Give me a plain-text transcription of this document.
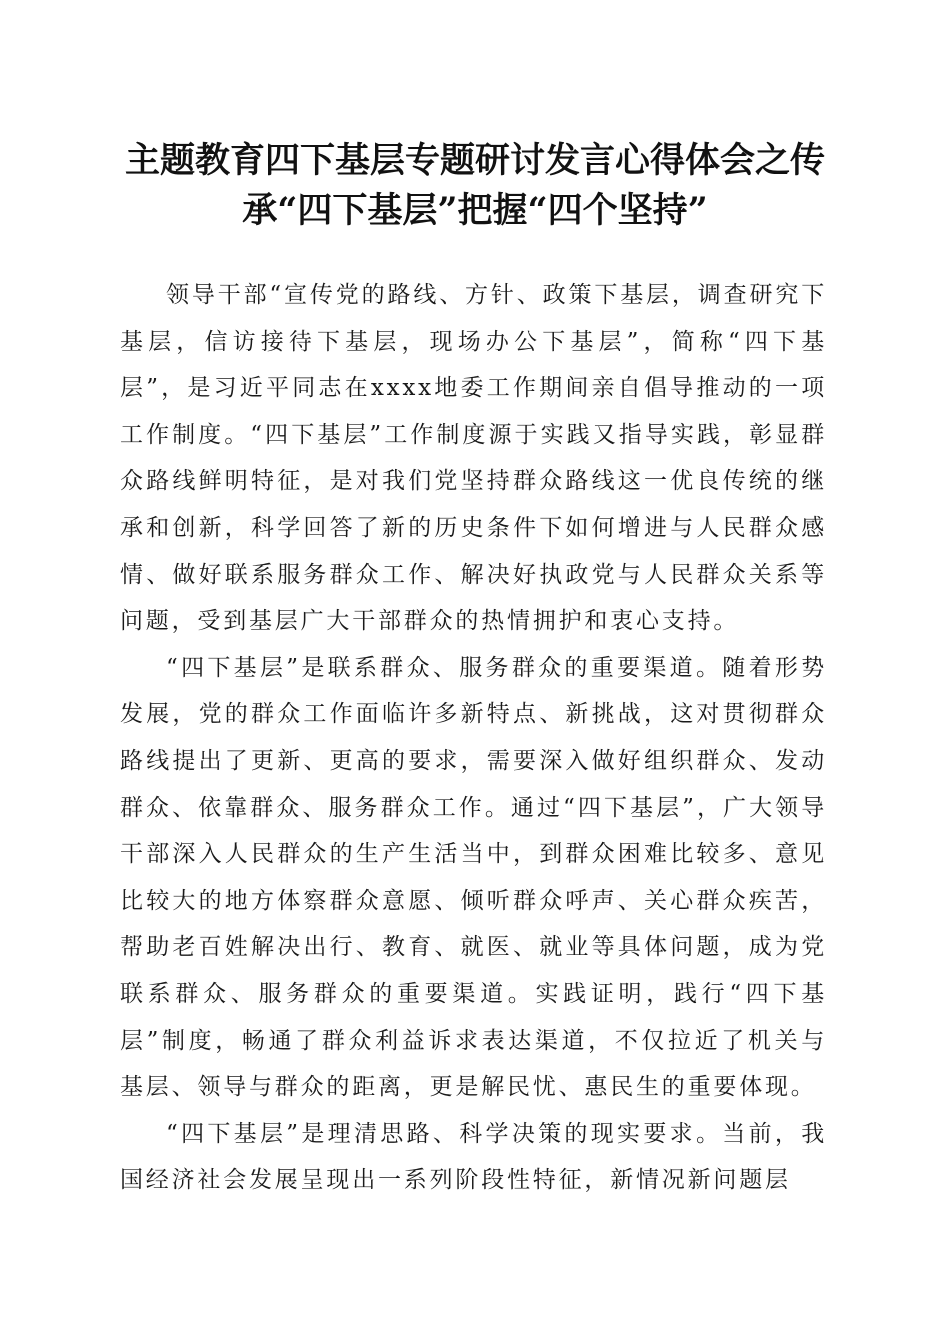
主题教育四下基层专题研讨发言心得体会之传承“四下基层”把握“四个坚持”

领导干部“宣传党的路线、方针、政策下基层，调查研究下基层，信访接待下基层，现场办公下基层”，简称“四下基层”，是习近平同志在xxxx地委工作期间亲自倡导推动的一项工作制度。“四下基层”工作制度源于实践又指导实践，彰显群众路线鲜明特征，是对我们党坚持群众路线这一优良传统的继承和创新，科学回答了新的历史条件下如何增进与人民群众感情、做好联系服务群众工作、解决好执政党与人民群众关系等问题，受到基层广大干部群众的热情拥护和衷心支持。

“四下基层”是联系群众、服务群众的重要渠道。随着形势发展，党的群众工作面临许多新特点、新挑战，这对贯彻群众路线提出了更新、更高的要求，需要深入做好组织群众、发动群众、依靠群众、服务群众工作。通过“四下基层”，广大领导干部深入人民群众的生产生活当中，到群众困难比较多、意见比较大的地方体察群众意愿、倾听群众呼声、关心群众疾苦，帮助老百姓解决出行、教育、就医、就业等具体问题，成为党联系群众、服务群众的重要渠道。实践证明，践行“四下基层”制度，畅通了群众利益诉求表达渠道，不仅拉近了机关与基层、领导与群众的距离，更是解民忧、惠民生的重要体现。

“四下基层”是理清思路、科学决策的现实要求。当前，我国经济社会发展呈现出一系列阶段性特征，新情况新问题层
